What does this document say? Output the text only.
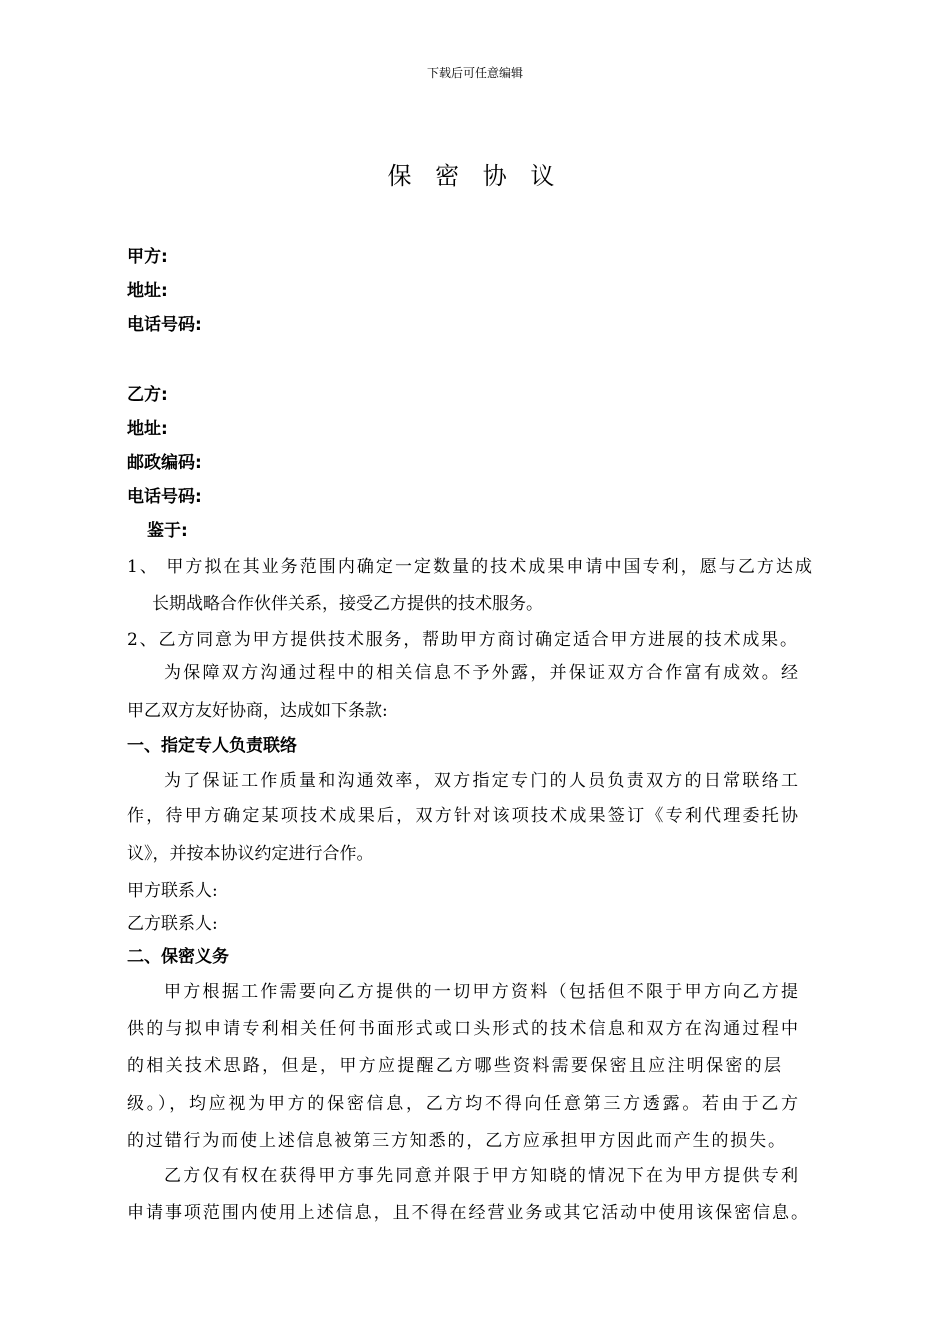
下载后可任意编辑
保 密 协 议
甲方:
地址:
电话号码:
乙方:
地址:
邮政编码:
电话号码:
鉴于:
1、 甲方拟在其业务范围内确定一定数量的技术成果申请中国专利，愿与乙方达成
长期战略合作伙伴关系，接受乙方提供的技术服务。
2、乙方同意为甲方提供技术服务，帮助甲方商讨确定适合甲方进展的技术成果。
为保障双方沟通过程中的相关信息不予外露，并保证双方合作富有成效。经
甲乙双方友好协商，达成如下条款:
一、指定专人负责联络
为了保证工作质量和沟通效率，双方指定专门的人员负责双方的日常联络工
作，待甲方确定某项技术成果后，双方针对该项技术成果签订《专利代理委托协
议》，并按本协议约定进行合作。
甲方联系人:
乙方联系人:
二、保密义务
甲方根据工作需要向乙方提供的一切甲方资料（包括但不限于甲方向乙方提
供的与拟申请专利相关任何书面形式或口头形式的技术信息和双方在沟通过程中
的相关技术思路，但是，甲方应提醒乙方哪些资料需要保密且应注明保密的层
级。），均应视为甲方的保密信息，乙方均不得向任意第三方透露。若由于乙方
的过错行为而使上述信息被第三方知悉的，乙方应承担甲方因此而产生的损失。
乙方仅有权在获得甲方事先同意并限于甲方知晓的情况下在为甲方提供专利
申请事项范围内使用上述信息，且不得在经营业务或其它活动中使用该保密信息。
